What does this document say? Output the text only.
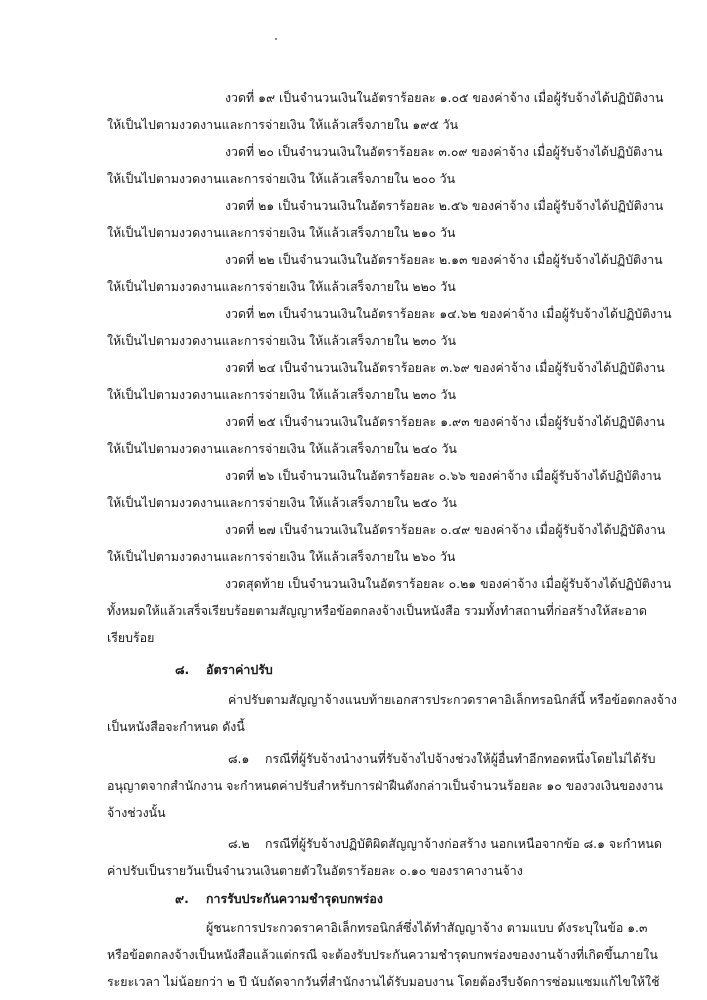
งวดที่ ๑๙ เป็นจำนวนเงินในอัตราร้อยละ ๑.๐๕ ของค่าจ้าง เมื่อผู้รับจ้างได้ปฏิบัติงาน
ให้เป็นไปตามงวดงานและการจ่ายเงิน ให้แล้วเสร็จภายใน ๑๙๕ วัน
งวดที่ ๒๐ เป็นจำนวนเงินในอัตราร้อยละ ๓.๐๙ ของค่าจ้าง เมื่อผู้รับจ้างได้ปฏิบัติงาน
ให้เป็นไปตามงวดงานและการจ่ายเงิน ให้แล้วเสร็จภายใน ๒๐๐ วัน
งวดที่ ๒๑ เป็นจำนวนเงินในอัตราร้อยละ ๒.๕๖ ของค่าจ้าง เมื่อผู้รับจ้างได้ปฏิบัติงาน
ให้เป็นไปตามงวดงานและการจ่ายเงิน ให้แล้วเสร็จภายใน ๒๑๐ วัน
งวดที่ ๒๒ เป็นจำนวนเงินในอัตราร้อยละ ๒.๑๓ ของค่าจ้าง เมื่อผู้รับจ้างได้ปฏิบัติงาน
ให้เป็นไปตามงวดงานและการจ่ายเงิน ให้แล้วเสร็จภายใน ๒๒๐ วัน
งวดที่ ๒๓ เป็นจำนวนเงินในอัตราร้อยละ ๑๔.๖๒ ของค่าจ้าง เมื่อผู้รับจ้างได้ปฏิบัติงาน
ให้เป็นไปตามงวดงานและการจ่ายเงิน ให้แล้วเสร็จภายใน ๒๓๐ วัน
งวดที่ ๒๔ เป็นจำนวนเงินในอัตราร้อยละ ๓.๖๙ ของค่าจ้าง เมื่อผู้รับจ้างได้ปฏิบัติงาน
ให้เป็นไปตามงวดงานและการจ่ายเงิน ให้แล้วเสร็จภายใน ๒๓๐ วัน
งวดที่ ๒๕ เป็นจำนวนเงินในอัตราร้อยละ ๑.๙๓ ของค่าจ้าง เมื่อผู้รับจ้างได้ปฏิบัติงาน
ให้เป็นไปตามงวดงานและการจ่ายเงิน ให้แล้วเสร็จภายใน ๒๔๐ วัน
งวดที่ ๒๖ เป็นจำนวนเงินในอัตราร้อยละ ๐.๖๖ ของค่าจ้าง เมื่อผู้รับจ้างได้ปฏิบัติงาน
ให้เป็นไปตามงวดงานและการจ่ายเงิน ให้แล้วเสร็จภายใน ๒๕๐ วัน
งวดที่ ๒๗ เป็นจำนวนเงินในอัตราร้อยละ ๐.๔๙ ของค่าจ้าง เมื่อผู้รับจ้างได้ปฏิบัติงาน
ให้เป็นไปตามงวดงานและการจ่ายเงิน ให้แล้วเสร็จภายใน ๒๖๐ วัน
งวดสุดท้าย เป็นจำนวนเงินในอัตราร้อยละ ๐.๒๑ ของค่าจ้าง เมื่อผู้รับจ้างได้ปฏิบัติงาน
ทั้งหมดให้แล้วเสร็จเรียบร้อยตามสัญญาหรือข้อตกลงจ้างเป็นหนังสือ รวมทั้งทำสถานที่ก่อสร้างให้สะอาด
เรียบร้อย
๘. อัตราค่าปรับ
ค่าปรับตามสัญญาจ้างแนบท้ายเอกสารประกวดราคาอิเล็กทรอนิกส์นี้ หรือข้อตกลงจ้าง
เป็นหนังสือจะกำหนด ดังนี้
๘.๑ กรณีที่ผู้รับจ้างนำงานที่รับจ้างไปจ้างช่วงให้ผู้อื่นทำอีกทอดหนึ่งโดยไม่ได้รับ
อนุญาตจากสำนักงาน จะกำหนดค่าปรับสำหรับการฝ่าฝืนดังกล่าวเป็นจำนวนร้อยละ ๑๐ ของวงเงินของงาน
จ้างช่วงนั้น
๘.๒ กรณีที่ผู้รับจ้างปฏิบัติผิดสัญญาจ้างก่อสร้าง นอกเหนือจากข้อ ๘.๑ จะกำหนด
ค่าปรับเป็นรายวันเป็นจำนวนเงินตายตัวในอัตราร้อยละ ๐.๑๐ ของราคางานจ้าง
๙. การรับประกันความชำรุดบกพร่อง
ผู้ชนะการประกวดราคาอิเล็กทรอนิกส์ซึ่งได้ทำสัญญาจ้าง ตามแบบ ดังระบุในข้อ ๑.๓
หรือข้อตกลงจ้างเป็นหนังสือแล้วแต่กรณี จะต้องรับประกันความชำรุดบกพร่องของงานจ้างที่เกิดขึ้นภายใน
ระยะเวลา ไม่น้อยกว่า ๒ ปี นับถัดจากวันที่สำนักงานได้รับมอบงาน โดยต้องรีบจัดการซ่อมแซมแก้ไขให้ใช้
